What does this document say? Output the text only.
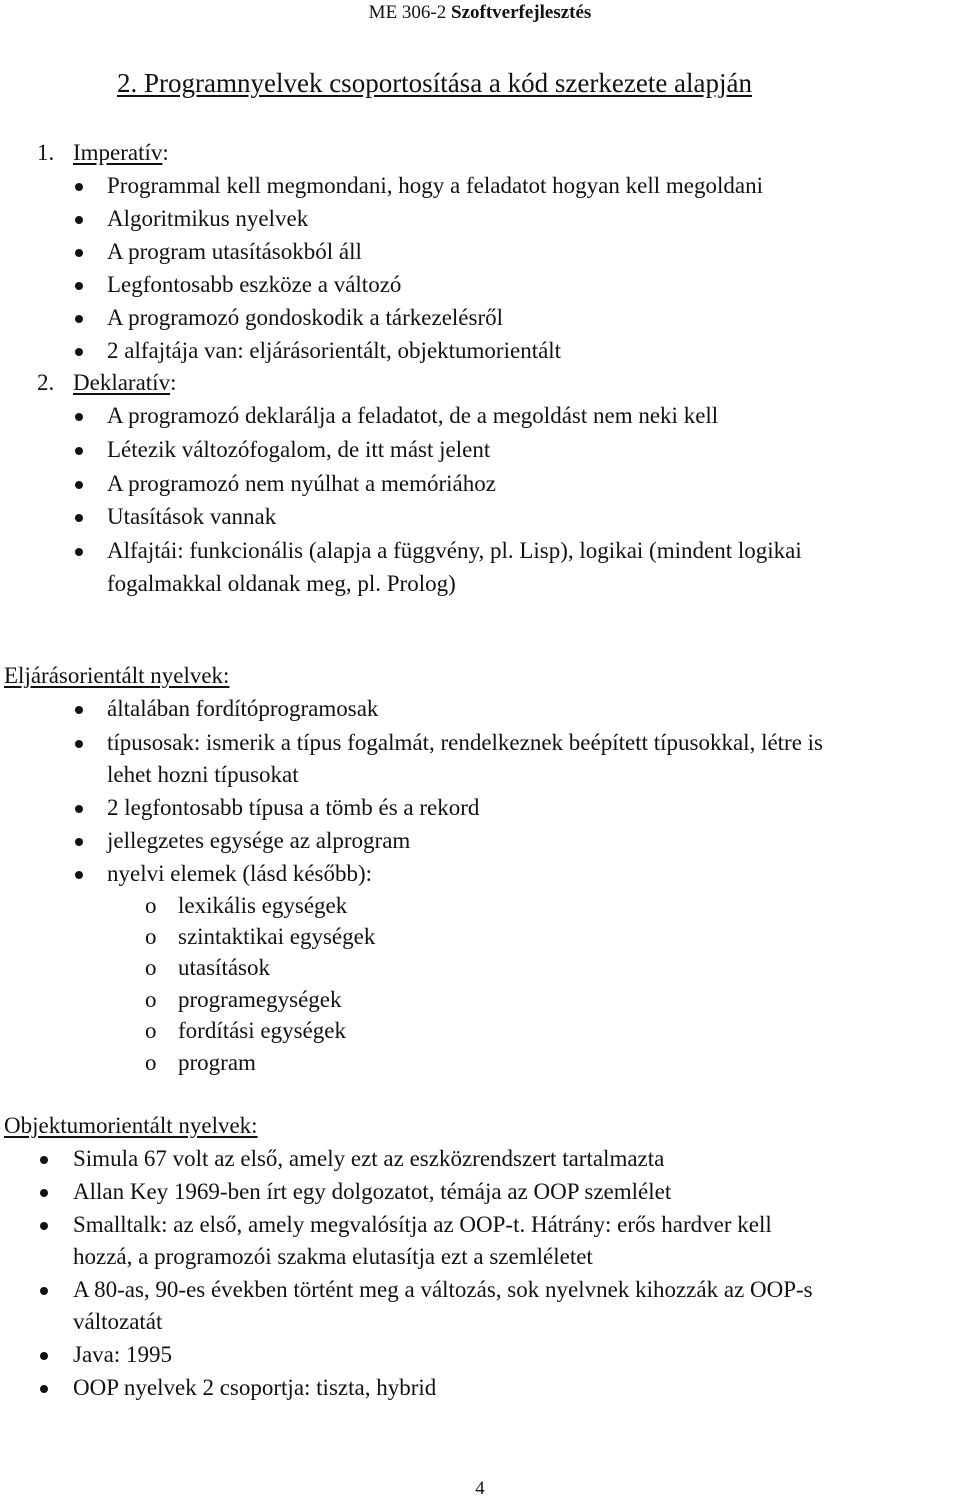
ME 306-2 Szoftverfejlesztés
2. Programnyelvek csoportosítása a kód szerkezete alapján
1. Imperatív:
Programmal kell megmondani, hogy a feladatot hogyan kell megoldani
Algoritmikus nyelvek
A program utasításokból áll
Legfontosabb eszköze a változó
A programozó gondoskodik a tárkezelésről
2 alfajtája van: eljárásorientált, objektumorientált
2. Deklaratív:
A programozó deklarálja a feladatot, de a megoldást nem neki kell
Létezik változófogalom, de itt mást jelent
A programozó nem nyúlhat a memóriához
Utasítások vannak
Alfajtái: funkcionális (alapja a függvény, pl. Lisp), logikai (mindent logikai
fogalmakkal oldanak meg, pl. Prolog)
Eljárásorientált nyelvek:
általában fordítóprogramosak
típusosak: ismerik a típus fogalmát, rendelkeznek beépített típusokkal, létre is
lehet hozni típusokat
2 legfontosabb típusa a tömb és a rekord
jellegzetes egysége az alprogram
nyelvi elemek (lásd később):
o lexikális egységek
o szintaktikai egységek
o utasítások
o programegységek
o fordítási egységek
o program
Objektumorientált nyelvek:
Simula 67 volt az első, amely ezt az eszközrendszert tartalmazta
Allan Key 1969-ben írt egy dolgozatot, témája az OOP szemlélet
Smalltalk: az első, amely megvalósítja az OOP-t. Hátrány: erős hardver kell
hozzá, a programozói szakma elutasítja ezt a szemléletet
A 80-as, 90-es években történt meg a változás, sok nyelvnek kihozzák az OOP-s
változatát
Java: 1995
OOP nyelvek 2 csoportja: tiszta, hybrid
4
